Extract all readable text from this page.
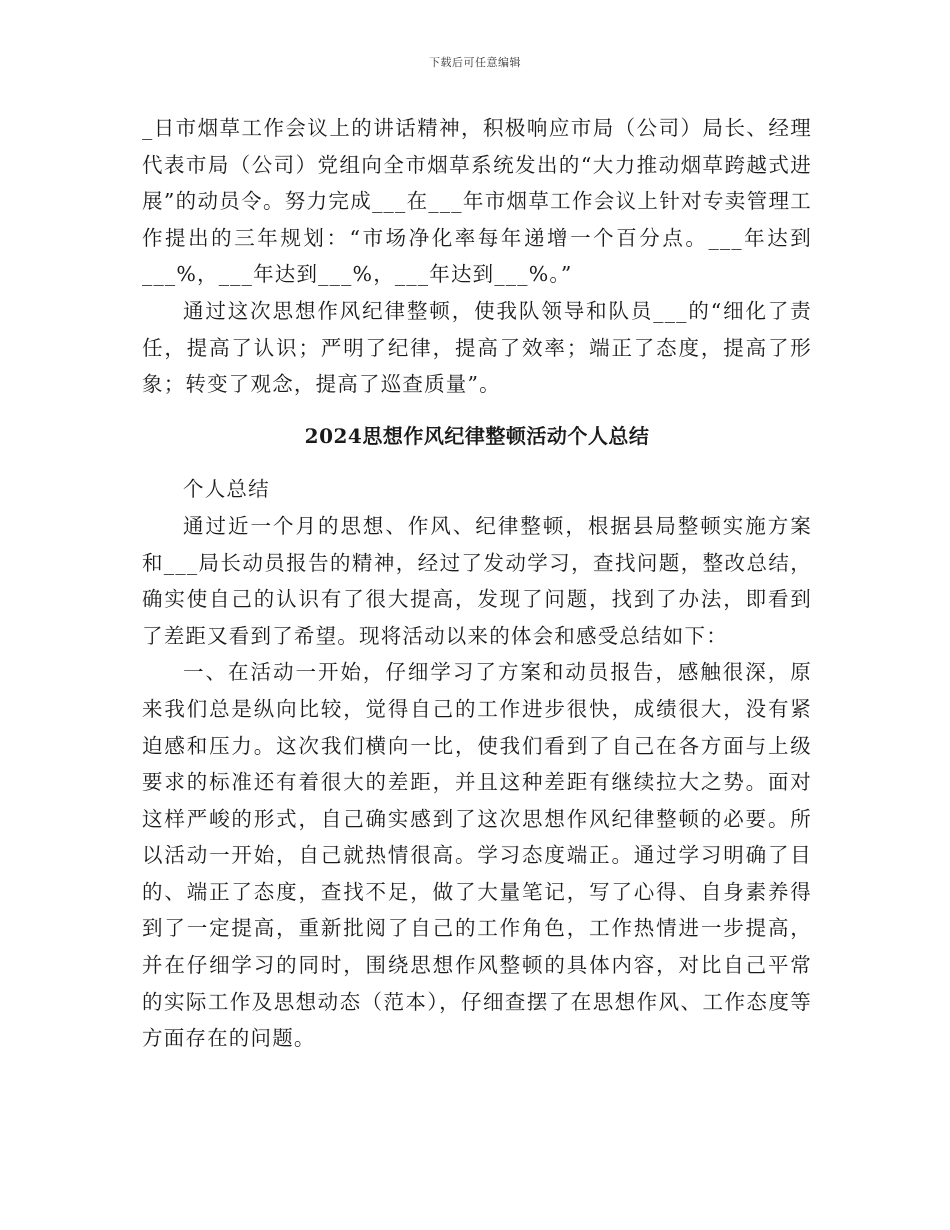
下载后可任意编辑

_日市烟草工作会议上的讲话精神，积极响应市局（公司）局长、经理代表市局（公司）党组向全市烟草系统发出的“大力推动烟草跨越式进展”的动员令。努力完成___在___年市烟草工作会议上针对专卖管理工作提出的三年规划：“市场净化率每年递增一个百分点。___年达到___%，___年达到___%，___年达到___%。”

通过这次思想作风纪律整顿，使我队领导和队员___的“细化了责任，提高了认识；严明了纪律，提高了效率；端正了态度，提高了形象；转变了观念，提高了巡查质量”。

2024思想作风纪律整顿活动个人总结

个人总结

通过近一个月的思想、作风、纪律整顿，根据县局整顿实施方案和___局长动员报告的精神，经过了发动学习，查找问题，整改总结，确实使自己的认识有了很大提高，发现了问题，找到了办法，即看到了差距又看到了希望。现将活动以来的体会和感受总结如下：

一、在活动一开始，仔细学习了方案和动员报告，感触很深，原来我们总是纵向比较，觉得自己的工作进步很快，成绩很大，没有紧迫感和压力。这次我们横向一比，使我们看到了自己在各方面与上级要求的标准还有着很大的差距，并且这种差距有继续拉大之势。面对这样严峻的形式，自己确实感到了这次思想作风纪律整顿的必要。所以活动一开始，自己就热情很高。学习态度端正。通过学习明确了目的、端正了态度，查找不足，做了大量笔记，写了心得、自身素养得到了一定提高，重新批阅了自己的工作角色，工作热情进一步提高，并在仔细学习的同时，围绕思想作风整顿的具体内容，对比自己平常的实际工作及思想动态（范本），仔细查摆了在思想作风、工作态度等方面存在的问题。
